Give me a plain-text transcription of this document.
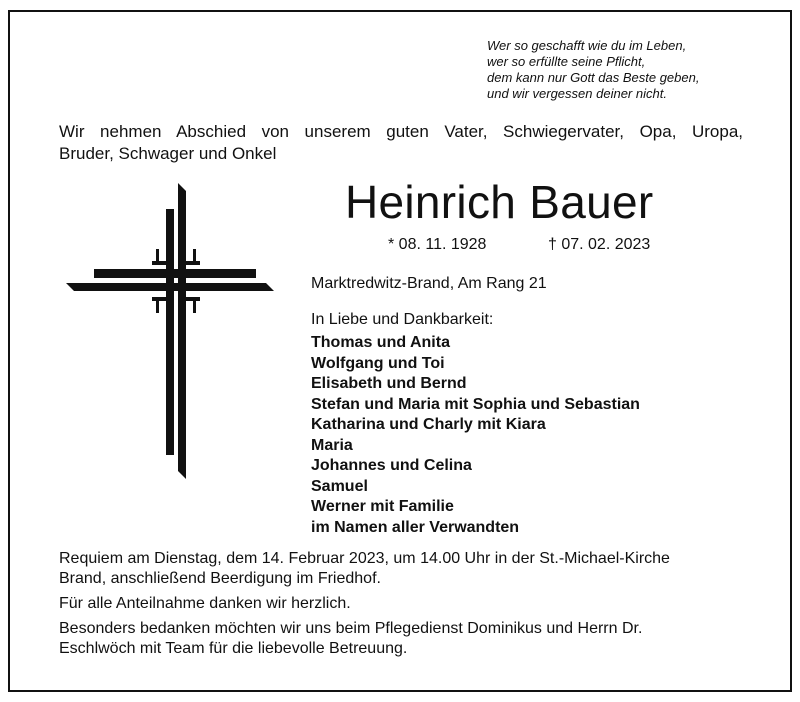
Wer so geschafft wie du im Leben,
wer so erfüllte seine Pflicht,
dem kann nur Gott das Beste geben,
und wir vergessen deiner nicht.
Wir nehmen Abschied von unserem guten Vater, Schwiegervater, Opa, Uropa,
Bruder, Schwager und Onkel
Heinrich Bauer
* 08. 11. 1928	† 07. 02. 2023
Marktredwitz-Brand, Am Rang 21
In Liebe und Dankbarkeit:
Thomas und Anita
Wolfgang und Toi
Elisabeth und Bernd
Stefan und Maria mit Sophia und Sebastian
Katharina und Charly mit Kiara
Maria
Johannes und Celina
Samuel
Werner mit Familie
im Namen aller Verwandten

Requiem am Dienstag, dem 14. Februar 2023, um 14.00 Uhr in der St.-Michael-Kirche Brand, anschließend Beerdigung im Friedhof.

Für alle Anteilnahme danken wir herzlich.

Besonders bedanken möchten wir uns beim Pflegedienst Dominikus und Herrn Dr. Eschlwöch mit Team für die liebevolle Betreuung.
